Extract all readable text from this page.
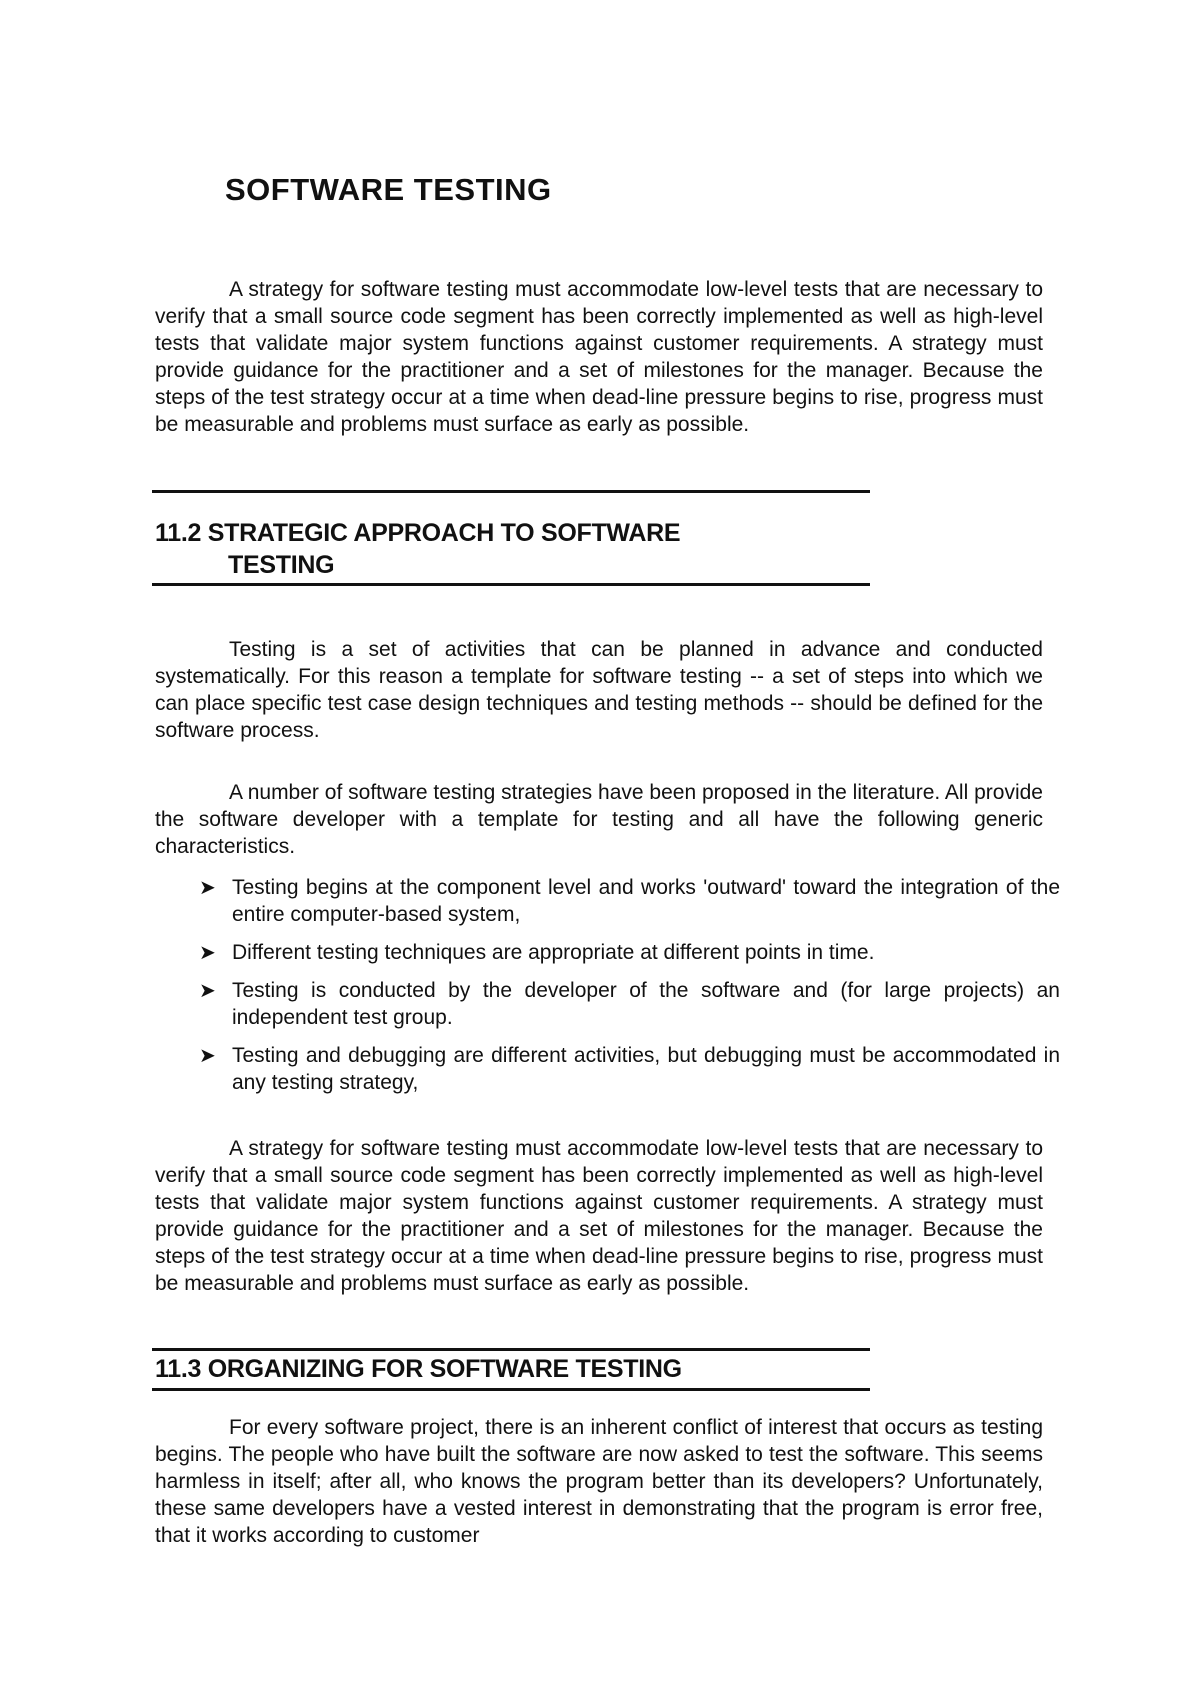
SOFTWARE TESTING

A strategy for software testing must accommodate low-level tests that are necessary to verify that a small source code segment has been correctly implemented as well as high-level tests that validate major system functions against customer requirements. A strategy must provide guidance for the practitioner and a set of milestones for the manager. Because the steps of the test strategy occur at a time when dead-line pressure begins to rise, progress must be measurable and problems must surface as early as possible.

11.2 STRATEGIC APPROACH TO SOFTWARE
TESTING

Testing is a set of activities that can be planned in advance and conducted systematically. For this reason a template for software testing -- a set of steps into which we can place specific test case design techniques and testing methods -- should be defined for the software process.

A number of software testing strategies have been proposed in the literature. All provide the software developer with a template for testing and all have the following generic characteristics.

➤ Testing begins at the component level and works 'outward' toward the integration of the entire computer-based system,
➤ Different testing techniques are appropriate at different points in time.
➤ Testing is conducted by the developer of the software and (for large projects) an independent test group.
➤ Testing and debugging are different activities, but debugging must be accommodated in any testing strategy,

A strategy for software testing must accommodate low-level tests that are necessary to verify that a small source code segment has been correctly implemented as well as high-level tests that validate major system functions against customer requirements. A strategy must provide guidance for the practitioner and a set of milestones for the manager. Because the steps of the test strategy occur at a time when dead-line pressure begins to rise, progress must be measurable and problems must surface as early as possible.

11.3 ORGANIZING FOR SOFTWARE TESTING

For every software project, there is an inherent conflict of interest that occurs as testing begins. The people who have built the software are now asked to test the software. This seems harmless in itself; after all, who knows the program better than its developers? Unfortunately, these same developers have a vested interest in demonstrating that the program is error free, that it works according to customer
